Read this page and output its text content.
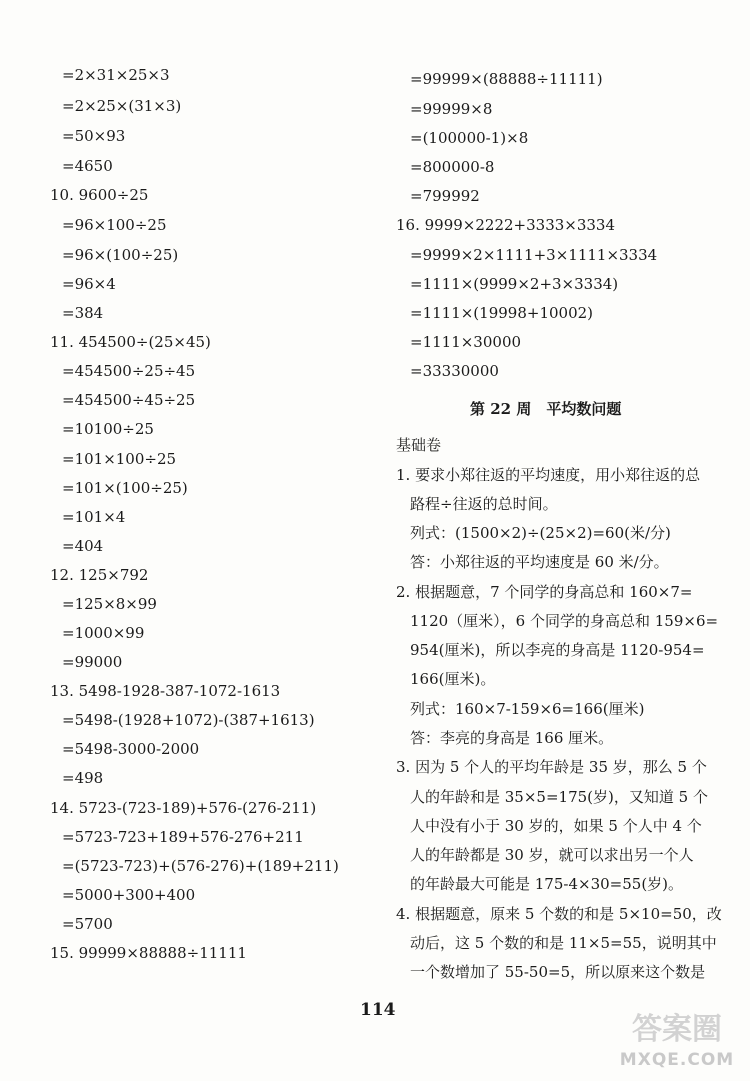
=2×31×25×3
=2×25×(31×3)
=50×93
=4650
10. 9600÷25
=96×100÷25
=96×(100÷25)
=96×4
=384
11. 454500÷(25×45)
=454500÷25÷45
=454500÷45÷25
=10100÷25
=101×100÷25
=101×(100÷25)
=101×4
=404
12. 125×792
=125×8×99
=1000×99
=99000
13. 5498-1928-387-1072-1613
=5498-(1928+1072)-(387+1613)
=5498-3000-2000
=498
14. 5723-(723-189)+576-(276-211)
=5723-723+189+576-276+211
=(5723-723)+(576-276)+(189+211)
=5000+300+400
=5700
15. 99999×88888÷11111
=99999×(88888÷11111)
=99999×8
=(100000-1)×8
=800000-8
=799992
16. 9999×2222+3333×3334
=9999×2×1111+3×1111×3334
=1111×(9999×2+3×3334)
=1111×(19998+10002)
=1111×30000
=33330000
第 22 周　平均数问题
基础卷
1. 要求小郑往返的平均速度，用小郑往返的总
路程÷往返的总时间。
列式：(1500×2)÷(25×2)=60(米/分)
答：小郑往返的平均速度是 60 米/分。
2. 根据题意，7 个同学的身高总和 160×7=
1120（厘米），6 个同学的身高总和 159×6=
954(厘米)，所以李亮的身高是 1120-954=
166(厘米)。
列式：160×7-159×6=166(厘米)
答：李亮的身高是 166 厘米。
3. 因为 5 个人的平均年龄是 35 岁，那么 5 个
人的年龄和是 35×5=175(岁)，又知道 5 个
人中没有小于 30 岁的，如果 5 个人中 4 个
人的年龄都是 30 岁，就可以求出另一个人
的年龄最大可能是 175-4×30=55(岁)。
4. 根据题意，原来 5 个数的和是 5×10=50，改
动后，这 5 个数的和是 11×5=55，说明其中
一个数增加了 55-50=5，所以原来这个数是
114
答案圈
MXQE.COM
